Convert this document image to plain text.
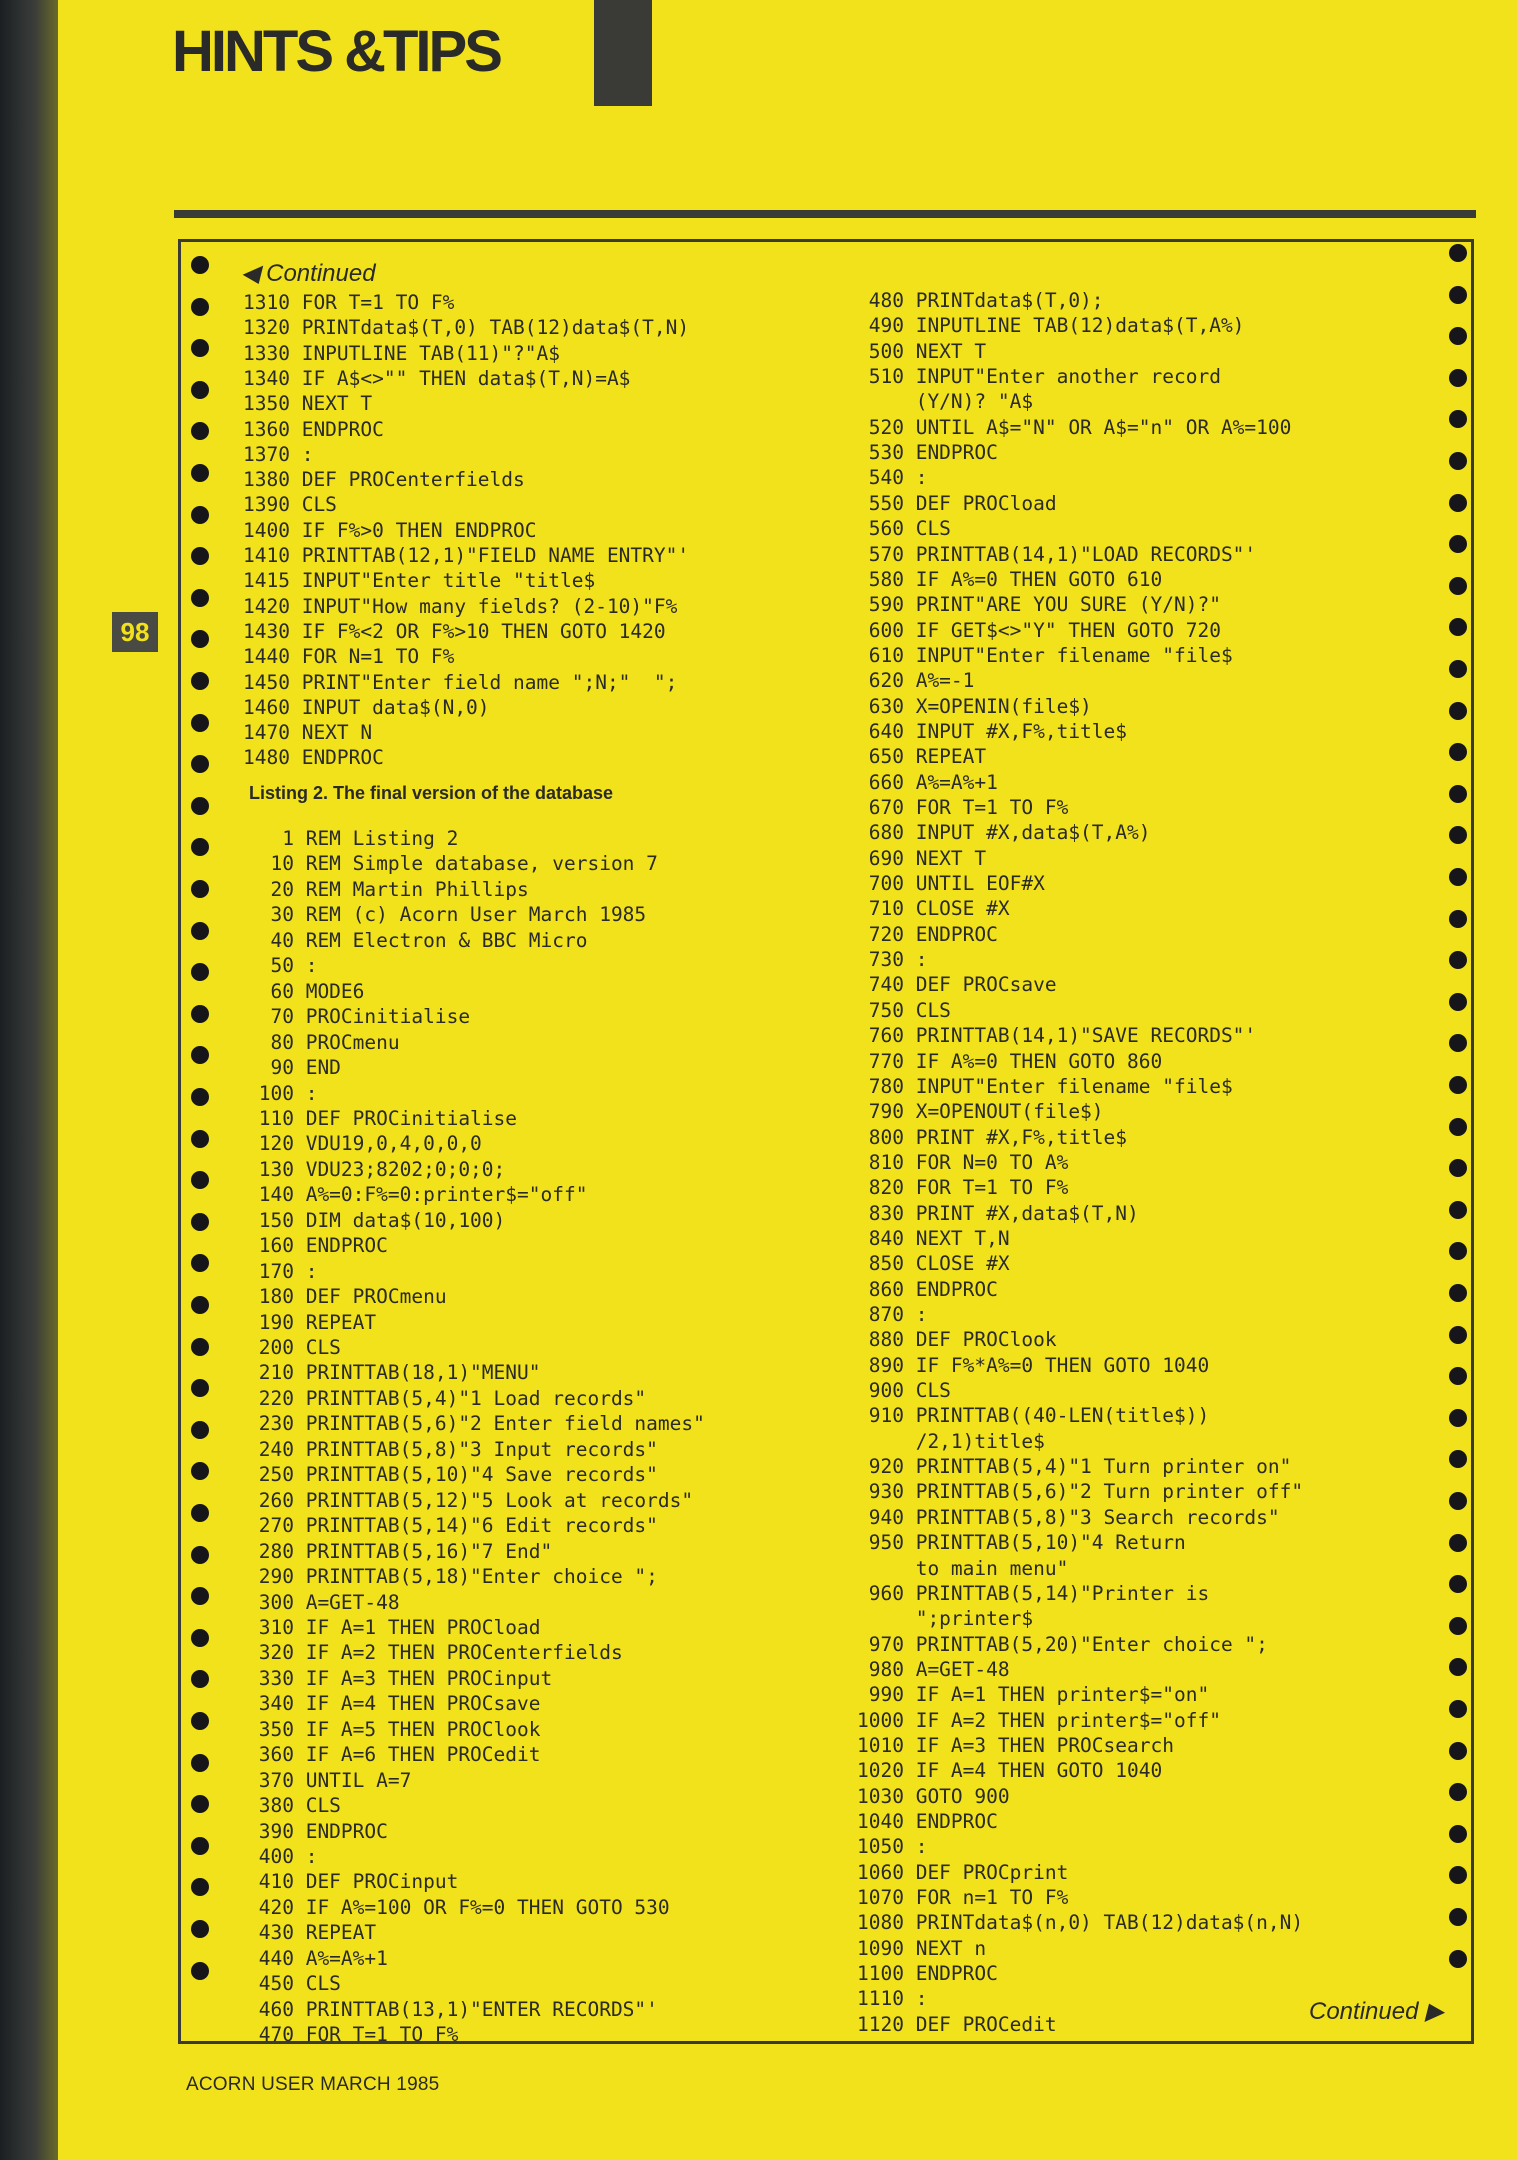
HINTS &TIPS
98
◀ Continued
1310 FOR T=1 TO F%
1320 PRINTdata$(T,0) TAB(12)data$(T,N)
1330 INPUTLINE TAB(11)"?"A$
1340 IF A$<>"" THEN data$(T,N)=A$
1350 NEXT T
1360 ENDPROC
1370 :
1380 DEF PROCenterfields
1390 CLS
1400 IF F%>0 THEN ENDPROC
1410 PRINTTAB(12,1)"FIELD NAME ENTRY"'
1415 INPUT"Enter title "title$
1420 INPUT"How many fields? (2-10)"F%
1430 IF F%<2 OR F%>10 THEN GOTO 1420
1440 FOR N=1 TO F%
1450 PRINT"Enter field name ";N;"  ";
1460 INPUT data$(N,0)
1470 NEXT N
1480 ENDPROC
Listing 2. The final version of the database
1 REM Listing 2
10 REM Simple database, version 7
20 REM Martin Phillips
30 REM (c) Acorn User March 1985
40 REM Electron & BBC Micro
50 :
60 MODE6
70 PROCinitialise
80 PROCmenu
90 END
100 :
110 DEF PROCinitialise
120 VDU19,0,4,0,0,0
130 VDU23;8202;0;0;0;
140 A%=0:F%=0:printer$="off"
150 DIM data$(10,100)
160 ENDPROC
170 :
180 DEF PROCmenu
190 REPEAT
200 CLS
210 PRINTTAB(18,1)"MENU"
220 PRINTTAB(5,4)"1 Load records"
230 PRINTTAB(5,6)"2 Enter field names"
240 PRINTTAB(5,8)"3 Input records"
250 PRINTTAB(5,10)"4 Save records"
260 PRINTTAB(5,12)"5 Look at records"
270 PRINTTAB(5,14)"6 Edit records"
280 PRINTTAB(5,16)"7 End"
290 PRINTTAB(5,18)"Enter choice ";
300 A=GET-48
310 IF A=1 THEN PROCload
320 IF A=2 THEN PROCenterfields
330 IF A=3 THEN PROCinput
340 IF A=4 THEN PROCsave
350 IF A=5 THEN PROClook
360 IF A=6 THEN PROCedit
370 UNTIL A=7
380 CLS
390 ENDPROC
400 :
410 DEF PROCinput
420 IF A%=100 OR F%=0 THEN GOTO 530
430 REPEAT
440 A%=A%+1
450 CLS
460 PRINTTAB(13,1)"ENTER RECORDS"'
470 FOR T=1 TO F%
480 PRINTdata$(T,0);
490 INPUTLINE TAB(12)data$(T,A%)
500 NEXT T
510 INPUT"Enter another record
(Y/N)? "A$
520 UNTIL A$="N" OR A$="n" OR A%=100
530 ENDPROC
540 :
550 DEF PROCload
560 CLS
570 PRINTTAB(14,1)"LOAD RECORDS"'
580 IF A%=0 THEN GOTO 610
590 PRINT"ARE YOU SURE (Y/N)?"
600 IF GET$<>"Y" THEN GOTO 720
610 INPUT"Enter filename "file$
620 A%=-1
630 X=OPENIN(file$)
640 INPUT #X,F%,title$
650 REPEAT
660 A%=A%+1
670 FOR T=1 TO F%
680 INPUT #X,data$(T,A%)
690 NEXT T
700 UNTIL EOF#X
710 CLOSE #X
720 ENDPROC
730 :
740 DEF PROCsave
750 CLS
760 PRINTTAB(14,1)"SAVE RECORDS"'
770 IF A%=0 THEN GOTO 860
780 INPUT"Enter filename "file$
790 X=OPENOUT(file$)
800 PRINT #X,F%,title$
810 FOR N=0 TO A%
820 FOR T=1 TO F%
830 PRINT #X,data$(T,N)
840 NEXT T,N
850 CLOSE #X
860 ENDPROC
870 :
880 DEF PROClook
890 IF F%*A%=0 THEN GOTO 1040
900 CLS
910 PRINTTAB((40-LEN(title$))
/2,1)title$
920 PRINTTAB(5,4)"1 Turn printer on"
930 PRINTTAB(5,6)"2 Turn printer off"
940 PRINTTAB(5,8)"3 Search records"
950 PRINTTAB(5,10)"4 Return
to main menu"
960 PRINTTAB(5,14)"Printer is
";printer$
970 PRINTTAB(5,20)"Enter choice ";
980 A=GET-48
990 IF A=1 THEN printer$="on"
1000 IF A=2 THEN printer$="off"
1010 IF A=3 THEN PROCsearch
1020 IF A=4 THEN GOTO 1040
1030 GOTO 900
1040 ENDPROC
1050 :
1060 DEF PROCprint
1070 FOR n=1 TO F%
1080 PRINTdata$(n,0) TAB(12)data$(n,N)
1090 NEXT n
1100 ENDPROC
1110 :
1120 DEF PROCedit	Continued ▶
ACORN USER MARCH 1985
